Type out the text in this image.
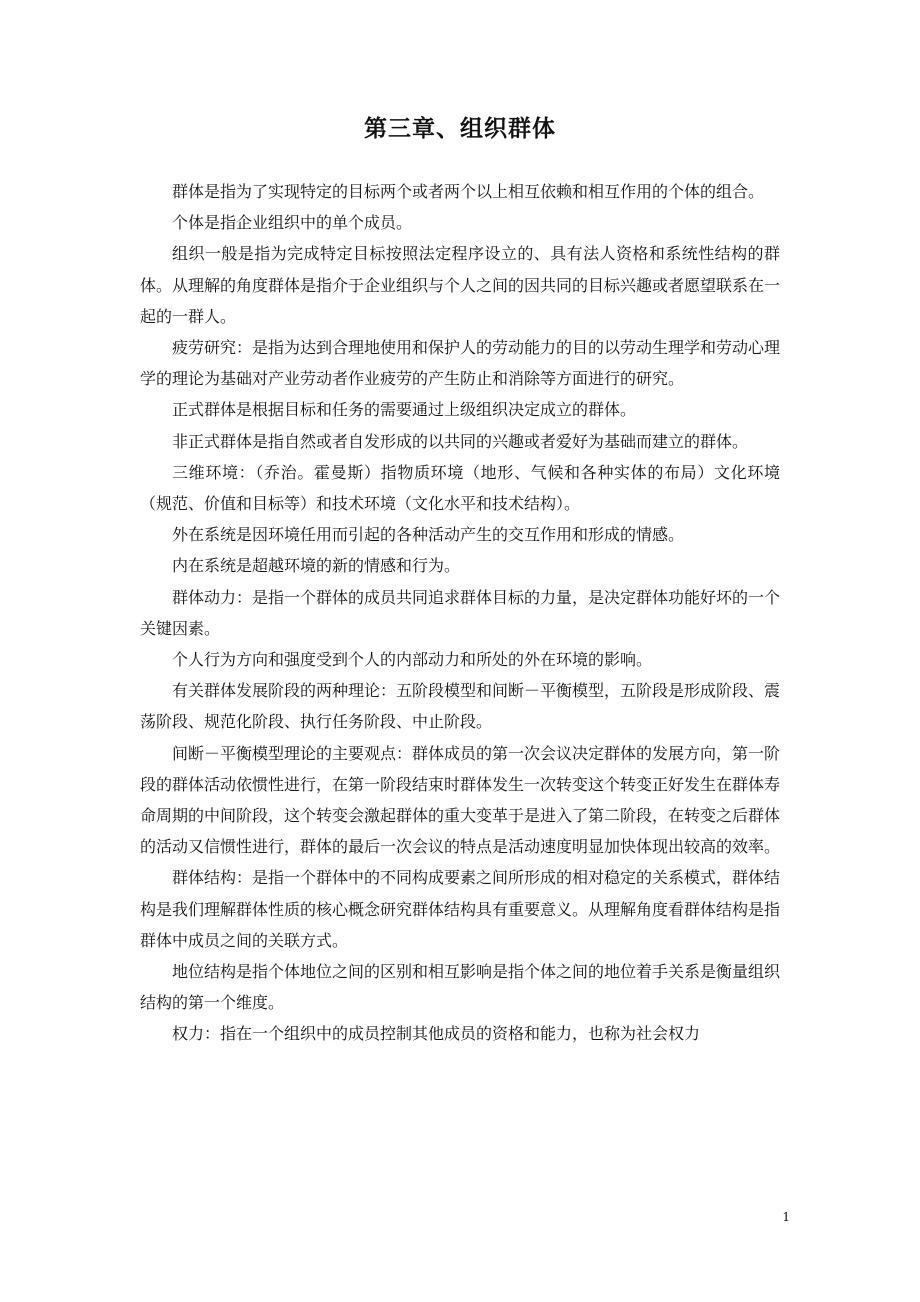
第三章、组织群体

群体是指为了实现特定的目标两个或者两个以上相互依赖和相互作用的个体的组合。

个体是指企业组织中的单个成员。

组织一般是指为完成特定目标按照法定程序设立的、具有法人资格和系统性结构的群体。从理解的角度群体是指介于企业组织与个人之间的因共同的目标兴趣或者愿望联系在一起的一群人。

疲劳研究：是指为达到合理地使用和保护人的劳动能力的目的以劳动生理学和劳动心理学的理论为基础对产业劳动者作业疲劳的产生防止和消除等方面进行的研究。

正式群体是根据目标和任务的需要通过上级组织决定成立的群体。

非正式群体是指自然或者自发形成的以共同的兴趣或者爱好为基础而建立的群体。

三维环境：（乔治。霍曼斯）指物质环境（地形、气候和各种实体的布局）文化环境（规范、价值和目标等）和技术环境（文化水平和技术结构）。

外在系统是因环境任用而引起的各种活动产生的交互作用和形成的情感。

内在系统是超越环境的新的情感和行为。

群体动力：是指一个群体的成员共同追求群体目标的力量，是决定群体功能好坏的一个关键因素。

个人行为方向和强度受到个人的内部动力和所处的外在环境的影响。

有关群体发展阶段的两种理论：五阶段模型和间断－平衡模型，五阶段是形成阶段、震荡阶段、规范化阶段、执行任务阶段、中止阶段。

间断－平衡模型理论的主要观点：群体成员的第一次会议决定群体的发展方向，第一阶段的群体活动依惯性进行，在第一阶段结束时群体发生一次转变这个转变正好发生在群体寿命周期的中间阶段，这个转变会激起群体的重大变革于是进入了第二阶段，在转变之后群体的活动又信惯性进行，群体的最后一次会议的特点是活动速度明显加快体现出较高的效率。

群体结构：是指一个群体中的不同构成要素之间所形成的相对稳定的关系模式，群体结构是我们理解群体性质的核心概念研究群体结构具有重要意义。从理解角度看群体结构是指群体中成员之间的关联方式。

地位结构是指个体地位之间的区别和相互影响是指个体之间的地位着手关系是衡量组织结构的第一个维度。

权力：指在一个组织中的成员控制其他成员的资格和能力，也称为社会权力

1
